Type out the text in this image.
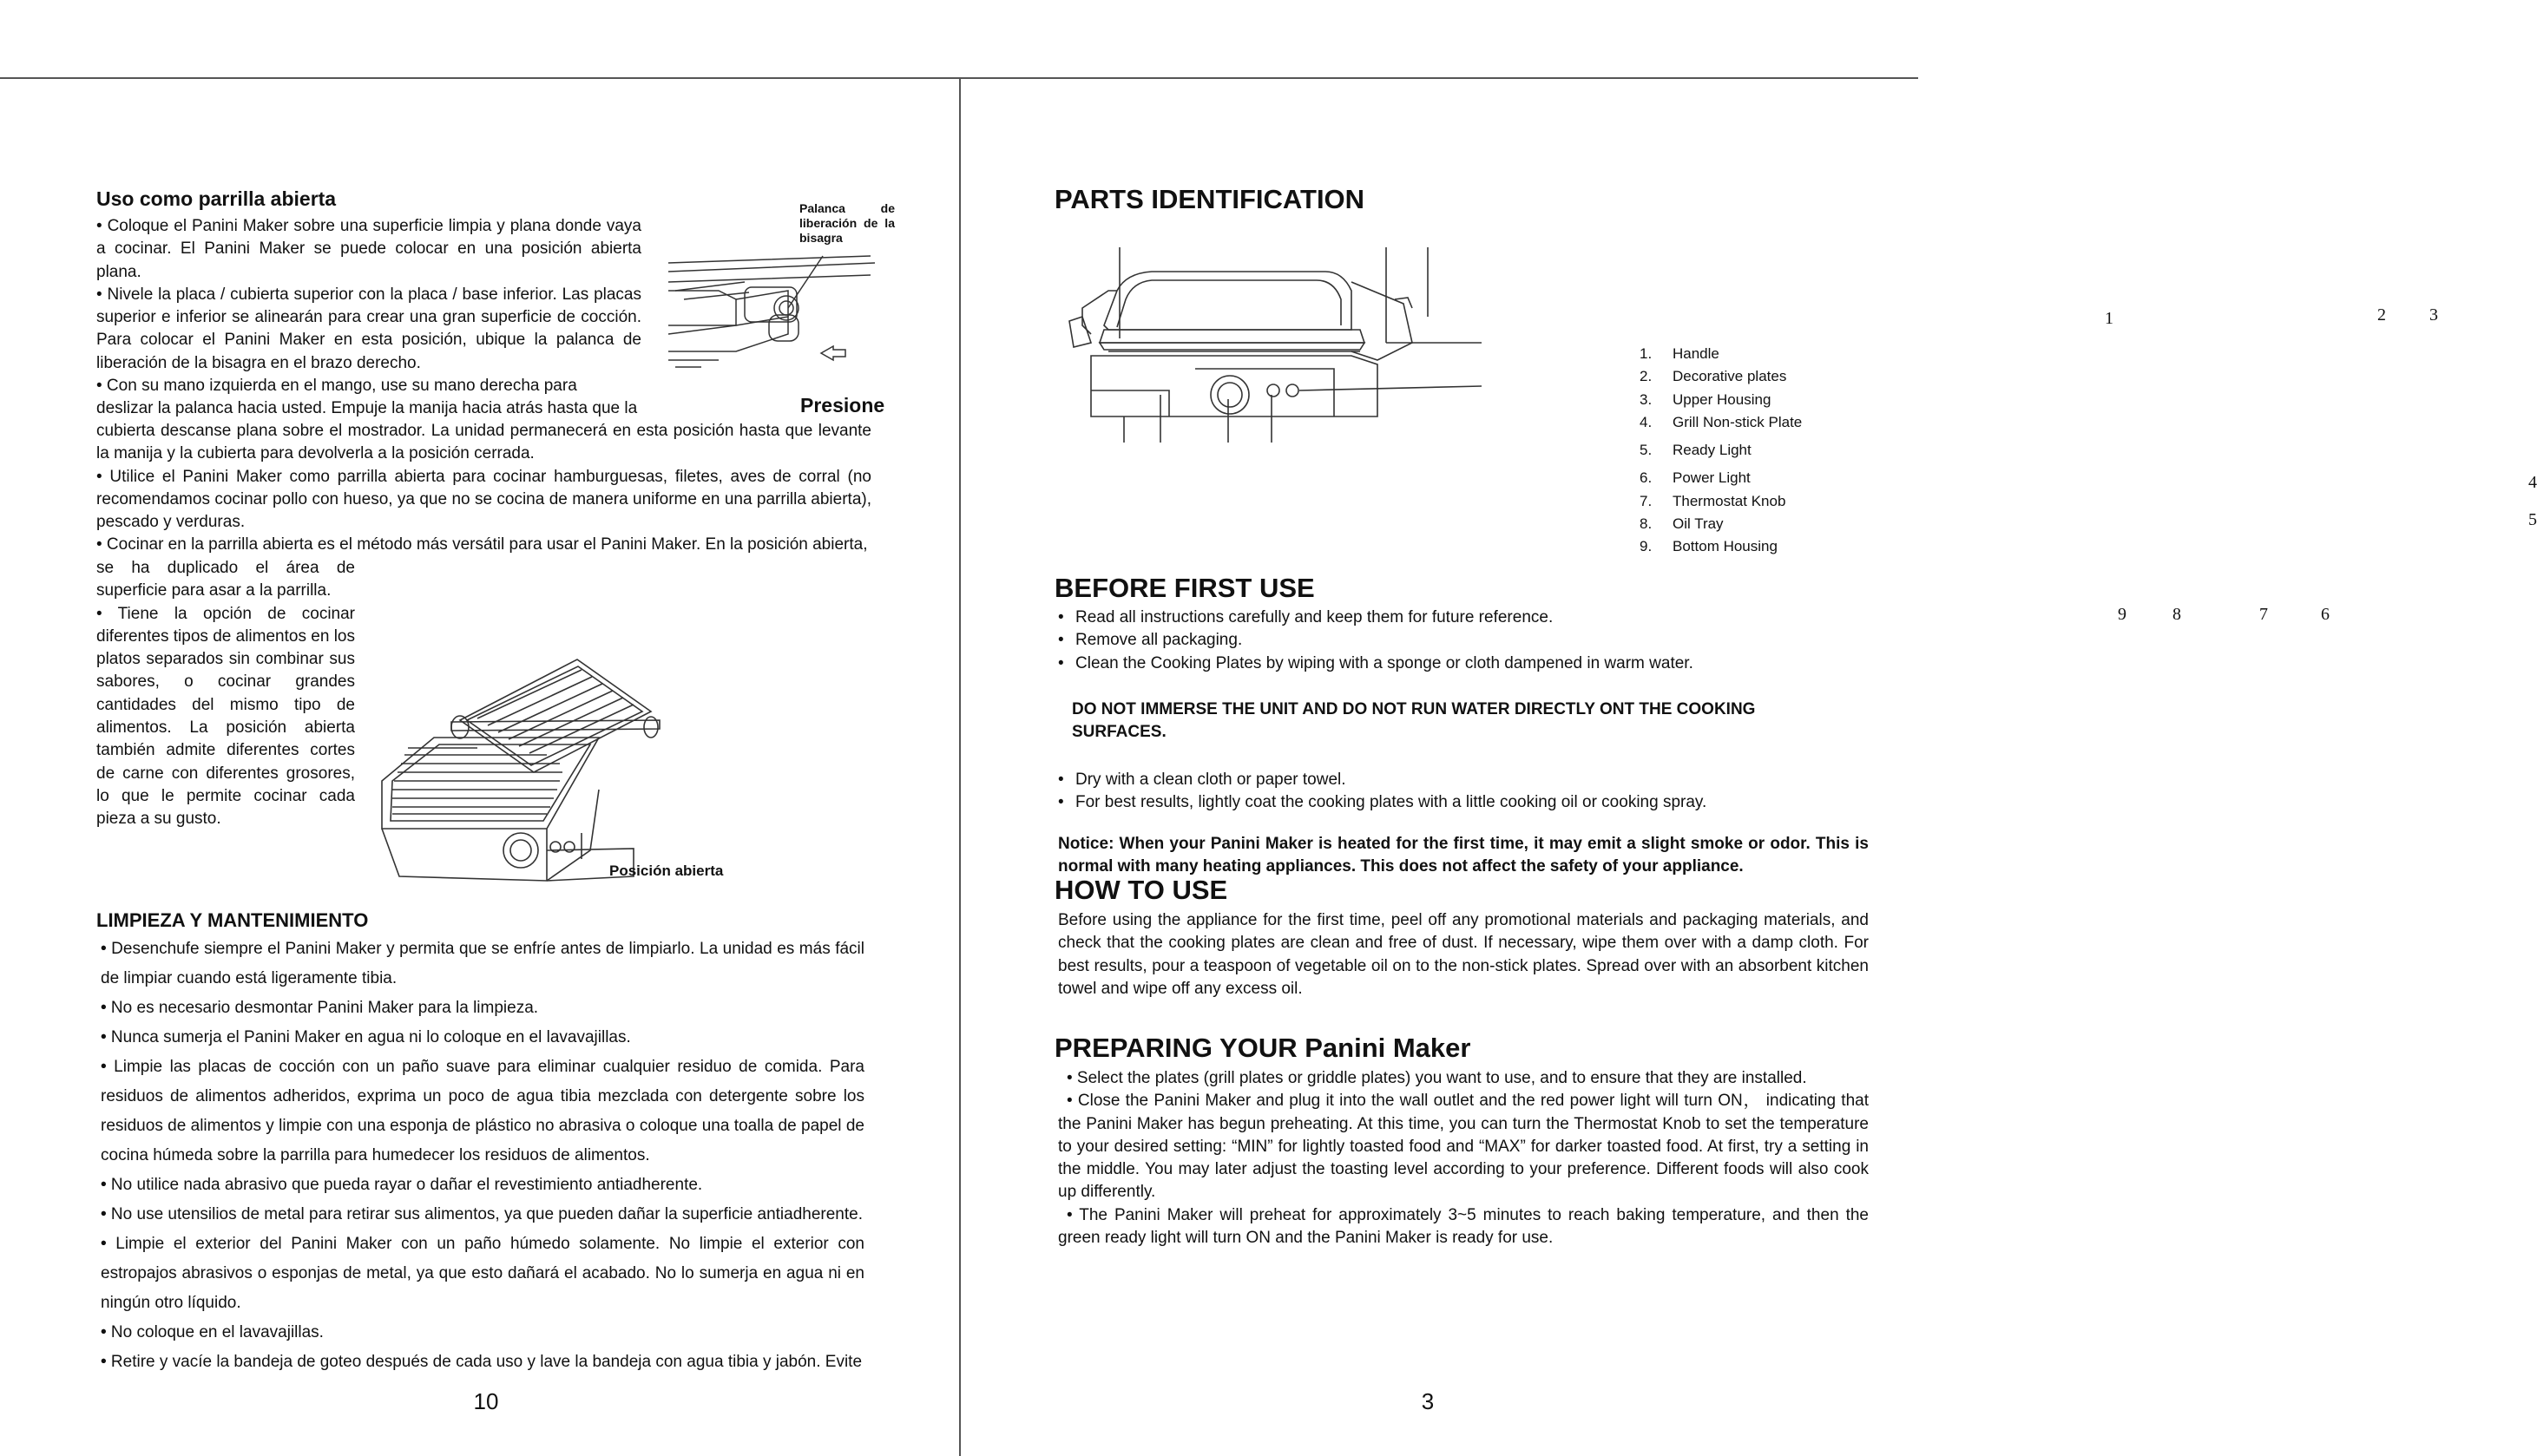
Uso como parrilla abierta

• Coloque el Panini Maker sobre una superficie limpia y plana donde vaya a cocinar. El Panini Maker se puede colocar en una posición abierta plana.

• Nivele la placa / cubierta superior con la placa / base inferior. Las placas superior e inferior se alinearán para crear una gran superficie de cocción. Para colocar el Panini Maker en esta posición, ubique la palanca de liberación de la bisagra en el brazo derecho.

• Con su mano izquierda en el mango, use su mano derecha para

deslizar la palanca hacia usted. Empuje la manija hacia atrás hasta que la	Presione

cubierta descanse plana sobre el mostrador. La unidad permanecerá en esta posición hasta que levante la manija y la cubierta para devolverla a la posición cerrada.

• Utilice el Panini Maker como parrilla abierta para cocinar hamburguesas, filetes, aves de corral (no recomendamos cocinar pollo con hueso, ya que no se cocina de manera uniforme en una parrilla abierta), pescado y verduras.

• Cocinar en la parrilla abierta es el método más versátil para usar el Panini Maker. En la posición abierta,

se ha duplicado el área de superficie para asar a la parrilla.

• Tiene la opción de cocinar diferentes tipos de alimentos en los platos separados sin combinar sus sabores, o cocinar grandes cantidades del mismo tipo de alimentos. La posición abierta también admite diferentes cortes de carne con diferentes grosores, lo que le permite cocinar cada pieza a su gusto.

Palanca de liberación de la bisagra
Posición abierta
LIMPIEZA Y MANTENIMIENTO
• • Desenchufe siempre el Panini Maker y permita que se enfríe antes de limpiarlo. La unidad es más fácil de limpiar cuando está ligeramente tibia.
• • No es necesario desmontar Panini Maker para la limpieza.
• • Nunca sumerja el Panini Maker en agua ni lo coloque en el lavavajillas.
• • Limpie las placas de cocción con un paño suave para eliminar cualquier residuo de comida. Para residuos de alimentos adheridos, exprima un poco de agua tibia mezclada con detergente sobre los residuos de alimentos y limpie con una esponja de plástico no abrasiva o coloque una toalla de papel de cocina húmeda sobre la parrilla para humedecer los residuos de alimentos.
• • No utilice nada abrasivo que pueda rayar o dañar el revestimiento antiadherente.
• • No use utensilios de metal para retirar sus alimentos, ya que pueden dañar la superficie antiadherente.
• • Limpie el exterior del Panini Maker con un paño húmedo solamente. No limpie el exterior con estropajos abrasivos o esponjas de metal, ya que esto dañará el acabado. No lo sumerja en agua ni en ningún otro líquido.
• • No coloque en el lavavajillas.
• • Retire y vacíe la bandeja de goteo después de cada uso y lave la bandeja con agua tibia y jabón. Evite
10
PARTS IDENTIFICATION
1	2	3
4
5
6
7
8
9
1.	Handle
2.	Decorative plates
3.	Upper Housing
4.	Grill Non-stick Plate
5.	Ready Light
6.	Power Light
7.	Thermostat Knob
8.	Oil Tray
9.	Bottom Housing
BEFORE FIRST USE
• Read all instructions carefully and keep them for future reference.
• Remove all packaging.
• Clean the Cooking Plates by wiping with a sponge or cloth dampened in warm water.
DO NOT IMMERSE THE UNIT AND DO NOT RUN WATER DIRECTLY ONT THE COOKING SURFACES.
• Dry with a clean cloth or paper towel.
• For best results, lightly coat the cooking plates with a little cooking oil or cooking spray.
Notice: When your Panini Maker is heated for the first time, it may emit a slight smoke or odor. This is normal with many heating appliances. This does not affect the safety of your appliance.
HOW TO USE
Before using the appliance for the first time, peel off any promotional materials and packaging materials, and check that the cooking plates are clean and free of dust. If necessary, wipe them over with a damp cloth. For best results, pour a teaspoon of vegetable oil on to the non-stick plates. Spread over with an absorbent kitchen towel and wipe off any excess oil.
PREPARING YOUR Panini Maker

• Select the plates (grill plates or griddle plates) you want to use, and to ensure that they are installed.

• Close the Panini Maker and plug it into the wall outlet and the red power light will turn ON， indicating that the Panini Maker has begun preheating. At this time, you can turn the Thermostat Knob to set the temperature to your desired setting: “MIN” for lightly toasted food and “MAX” for darker toasted food. At first, try a setting in the middle. You may later adjust the toasting level according to your preference. Different foods will also cook up differently.

• The Panini Maker will preheat for approximately 3~5 minutes to reach baking temperature, and then the green ready light will turn ON and the Panini Maker is ready for use.

3
